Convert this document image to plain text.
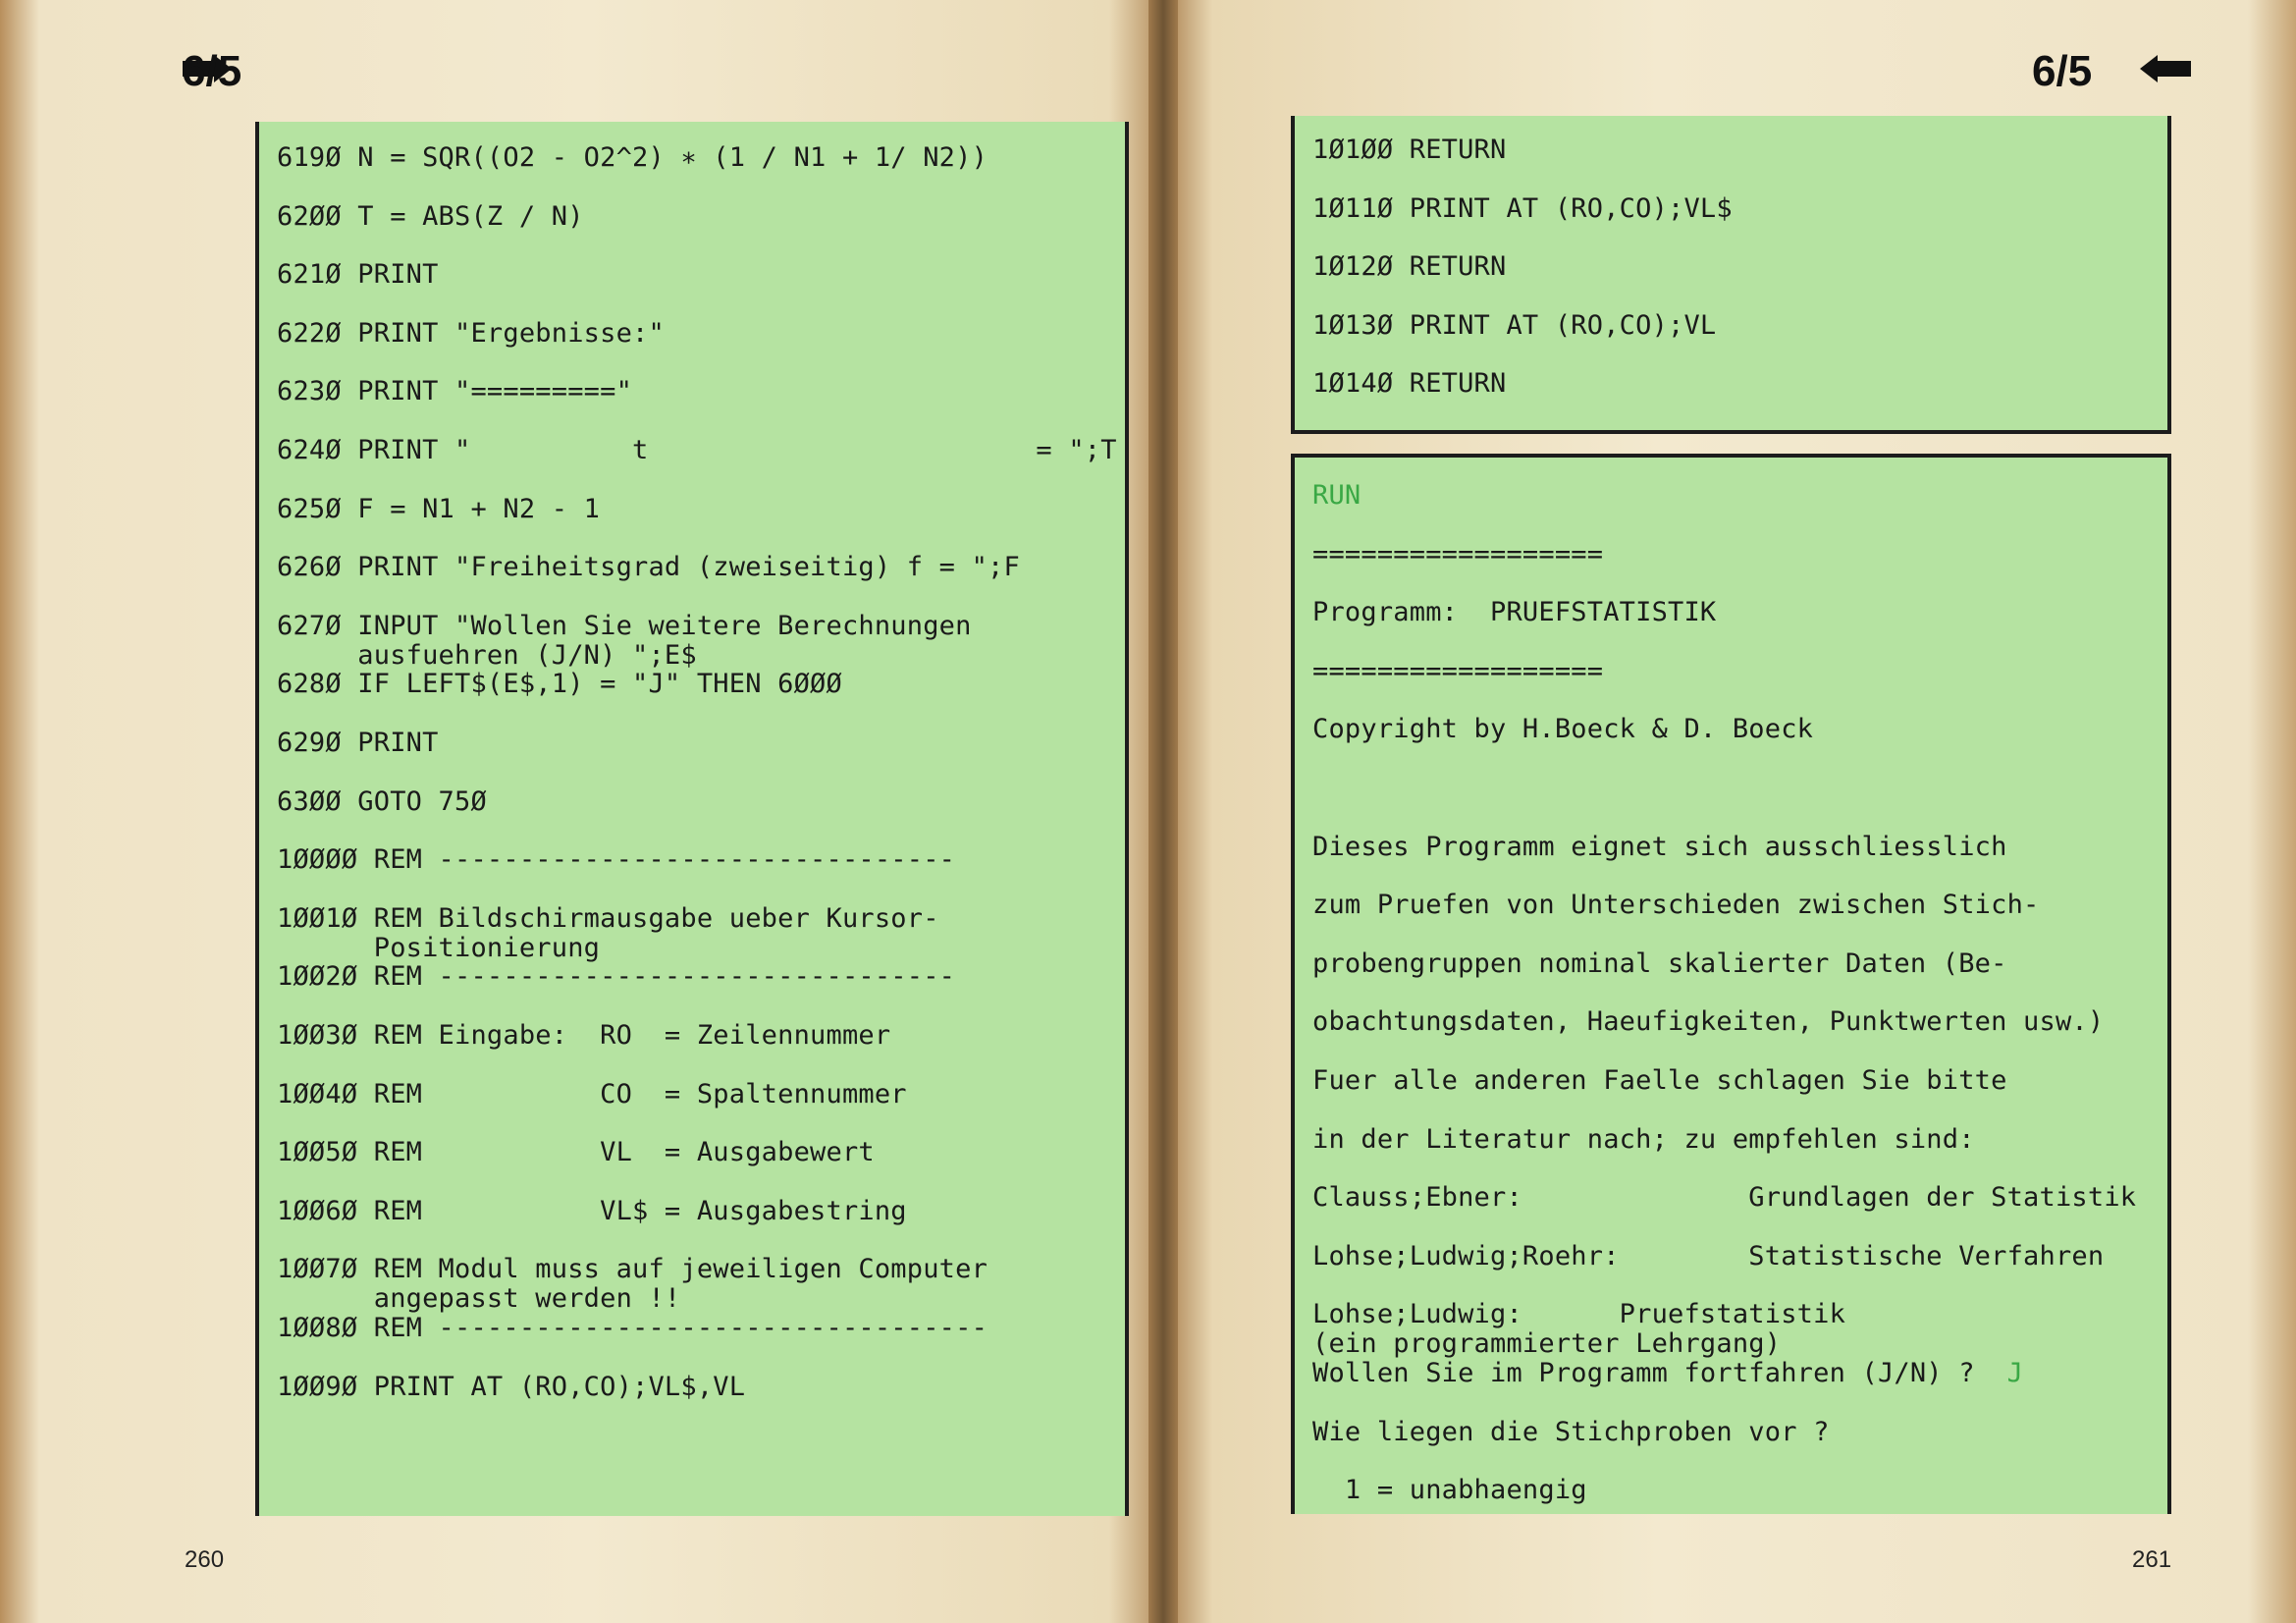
6/5	6/5
619Ø N = SQR((O2 - O2^2) ∗ (1 / N1 + 1/ N2))
62ØØ T = ABS(Z / N)
621Ø PRINT
622Ø PRINT "Ergebnisse:"
623Ø PRINT "========="
624Ø PRINT "          t                        = ";T
625Ø F = N1 + N2 - 1
626Ø PRINT "Freiheitsgrad (zweiseitig) f = ";F
627Ø INPUT "Wollen Sie weitere Berechnungen
ausfuehren (J/N) ";E$
628Ø IF LEFT$(E$,1) = "J" THEN 6ØØØ
629Ø PRINT
63ØØ GOTO 75Ø
1ØØØØ REM --------------------------------
1ØØ1Ø REM Bildschirmausgabe ueber Kursor-
Positionierung
1ØØ2Ø REM --------------------------------
1ØØ3Ø REM Eingabe:  RO  = Zeilennummer
1ØØ4Ø REM           CO  = Spaltennummer
1ØØ5Ø REM           VL  = Ausgabewert
1ØØ6Ø REM           VL$ = Ausgabestring
1ØØ7Ø REM Modul muss auf jeweiligen Computer
angepasst werden !!
1ØØ8Ø REM ----------------------------------
1ØØ9Ø PRINT AT (RO,CO);VL$,VL
1Ø1ØØ RETURN
1Ø11Ø PRINT AT (RO,CO);VL$
1Ø12Ø RETURN
1Ø13Ø PRINT AT (RO,CO);VL
1Ø14Ø RETURN
RUN
==================
Programm:  PRUEFSTATISTIK
==================
Copyright by H.Boeck & D. Boeck
Dieses Programm eignet sich ausschliesslich
zum Pruefen von Unterschieden zwischen Stich-
probengruppen nominal skalierter Daten (Be-
obachtungsdaten, Haeufigkeiten, Punktwerten usw.)
Fuer alle anderen Faelle schlagen Sie bitte
in der Literatur nach; zu empfehlen sind:
Clauss;Ebner:              Grundlagen der Statistik
Lohse;Ludwig;Roehr:        Statistische Verfahren
Lohse;Ludwig:      Pruefstatistik
(ein programmierter Lehrgang)
Wollen Sie im Programm fortfahren (J/N) ?  J
Wie liegen die Stichproben vor ?
1 = unabhaengig
260	261
